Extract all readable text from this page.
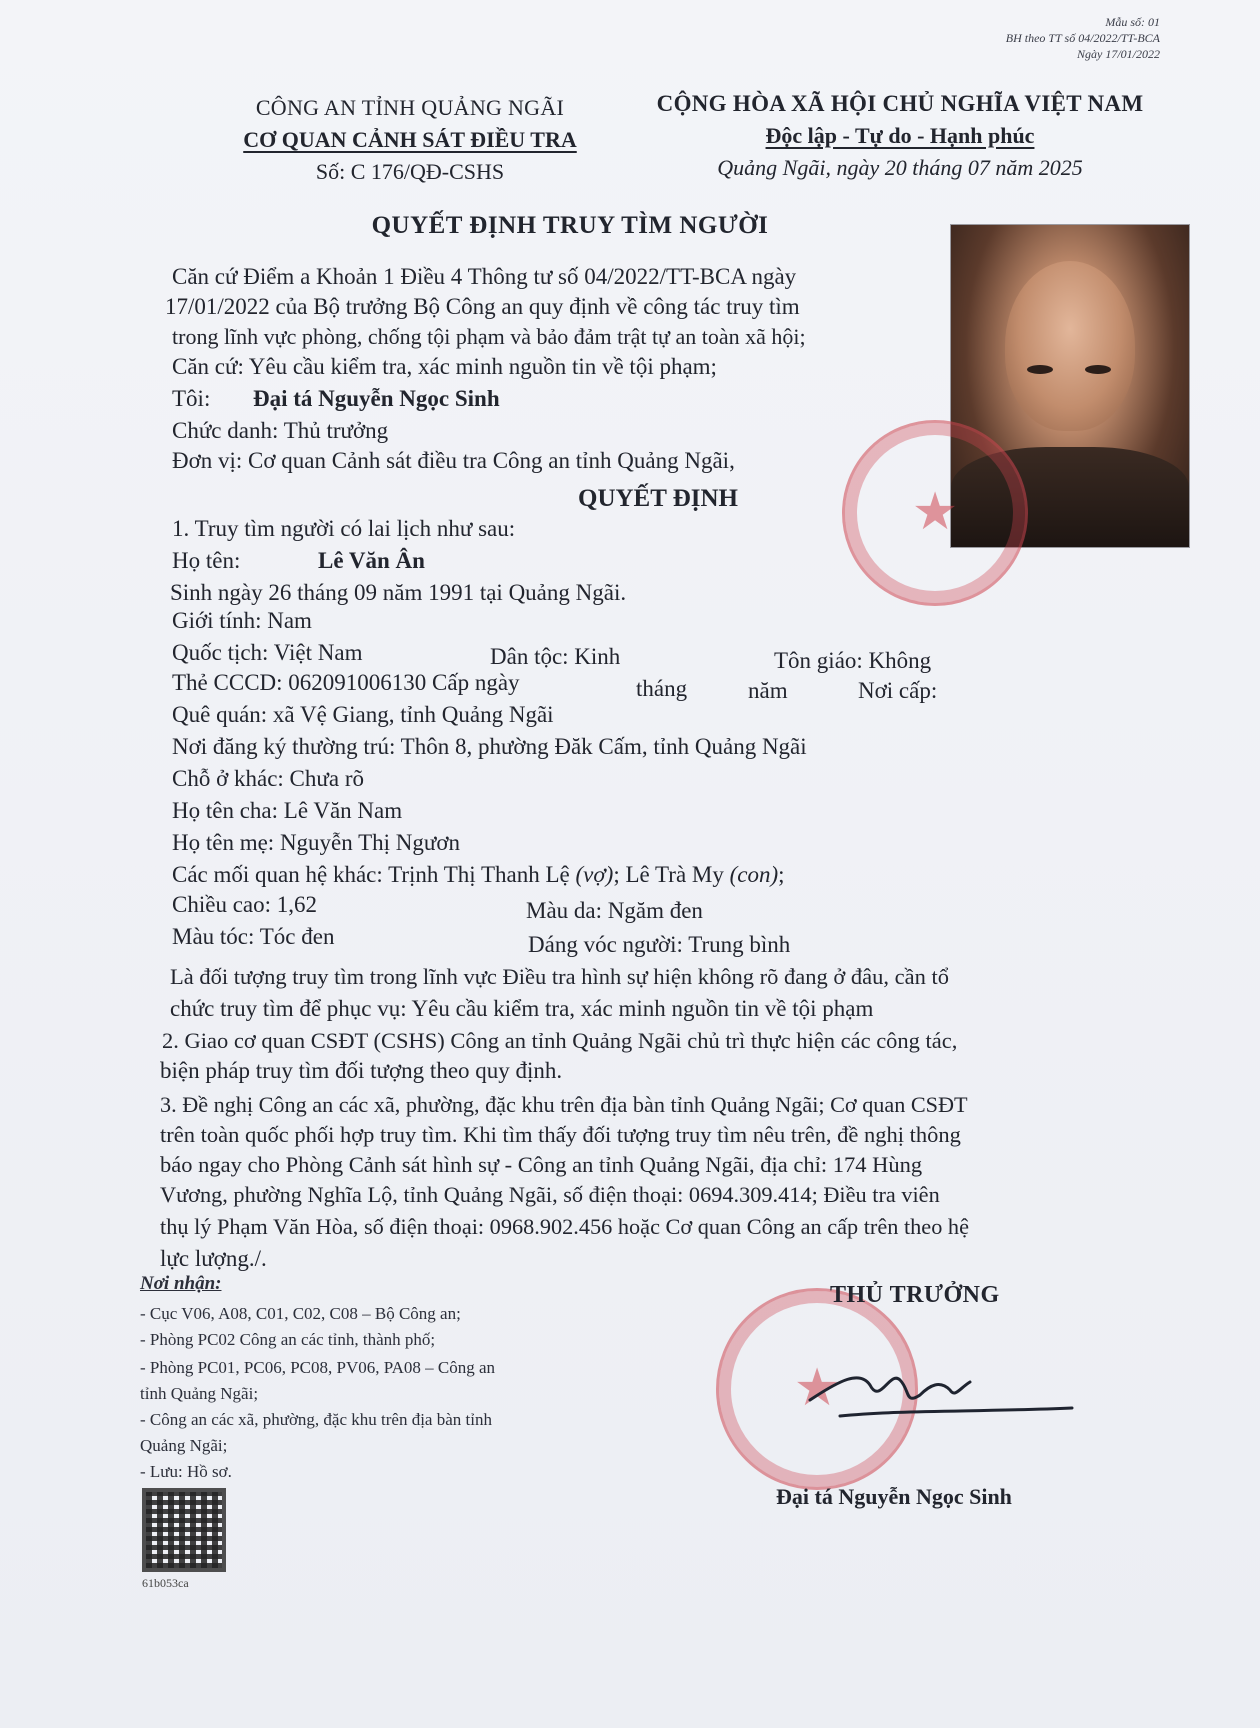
Mẫu số: 01
BH theo TT số 04/2022/TT-BCA
Ngày 17/01/2022
CÔNG AN TỈNH QUẢNG NGÃI
CƠ QUAN CẢNH SÁT ĐIỀU TRA
Số: C 176/QĐ-CSHS
CỘNG HÒA XÃ HỘI CHỦ NGHĨA VIỆT NAM
Độc lập - Tự do - Hạnh phúc
Quảng Ngãi, ngày 20 tháng 07 năm 2025
QUYẾT ĐỊNH TRUY TÌM NGƯỜI
★
Căn cứ Điểm a Khoản 1 Điều 4 Thông tư số 04/2022/TT-BCA ngày
17/01/2022 của Bộ trưởng Bộ Công an quy định về công tác truy tìm
trong lĩnh vực phòng, chống tội phạm và bảo đảm trật tự an toàn xã hội;
Căn cứ: Yêu cầu kiểm tra, xác minh nguồn tin về tội phạm;
Tôi: Đại tá Nguyễn Ngọc Sinh
Chức danh: Thủ trưởng
Đơn vị: Cơ quan Cảnh sát điều tra Công an tỉnh Quảng Ngãi,
QUYẾT ĐỊNH
1. Truy tìm người có lai lịch như sau:
Họ tên:	Lê Văn Ân
Sinh ngày 26 tháng 09 năm 1991 tại Quảng Ngãi.
Giới tính: Nam
Quốc tịch: Việt Nam	Dân tộc: Kinh	Tôn giáo: Không
Thẻ CCCD: 062091006130 Cấp ngày	tháng	năm	Nơi cấp:
Quê quán: xã Vệ Giang, tỉnh Quảng Ngãi
Nơi đăng ký thường trú: Thôn 8, phường Đăk Cấm, tỉnh Quảng Ngãi
Chỗ ở khác: Chưa rõ
Họ tên cha: Lê Văn Nam
Họ tên mẹ: Nguyễn Thị Ngươn
Các mối quan hệ khác: Trịnh Thị Thanh Lệ (vợ); Lê Trà My (con);
Chiều cao: 1,62	Màu da: Ngăm đen
Màu tóc: Tóc đen	Dáng vóc người: Trung bình
Là đối tượng truy tìm trong lĩnh vực Điều tra hình sự hiện không rõ đang ở đâu, cần tổ
chức truy tìm để phục vụ: Yêu cầu kiểm tra, xác minh nguồn tin về tội phạm
2. Giao cơ quan CSĐT (CSHS) Công an tỉnh Quảng Ngãi chủ trì thực hiện các công tác,
biện pháp truy tìm đối tượng theo quy định.
3. Đề nghị Công an các xã, phường, đặc khu trên địa bàn tỉnh Quảng Ngãi; Cơ quan CSĐT
trên toàn quốc phối hợp truy tìm. Khi tìm thấy đối tượng truy tìm nêu trên, đề nghị thông
báo ngay cho Phòng Cảnh sát hình sự - Công an tỉnh Quảng Ngãi, địa chỉ: 174 Hùng
Vương, phường Nghĩa Lộ, tỉnh Quảng Ngãi, số điện thoại: 0694.309.414; Điều tra viên
thụ lý Phạm Văn Hòa, số điện thoại: 0968.902.456 hoặc Cơ quan Công an cấp trên theo hệ
lực lượng./.
Nơi nhận:
- Cục V06, A08, C01, C02, C08 – Bộ Công an;
- Phòng PC02 Công an các tỉnh, thành phố;
- Phòng PC01, PC06, PC08, PV06, PA08 – Công an
tỉnh Quảng Ngãi;
- Công an các xã, phường, đặc khu trên địa bàn tỉnh
Quảng Ngãi;
- Lưu: Hồ sơ.
61b053ca
★
THỦ TRƯỞNG
Đại tá Nguyễn Ngọc Sinh
